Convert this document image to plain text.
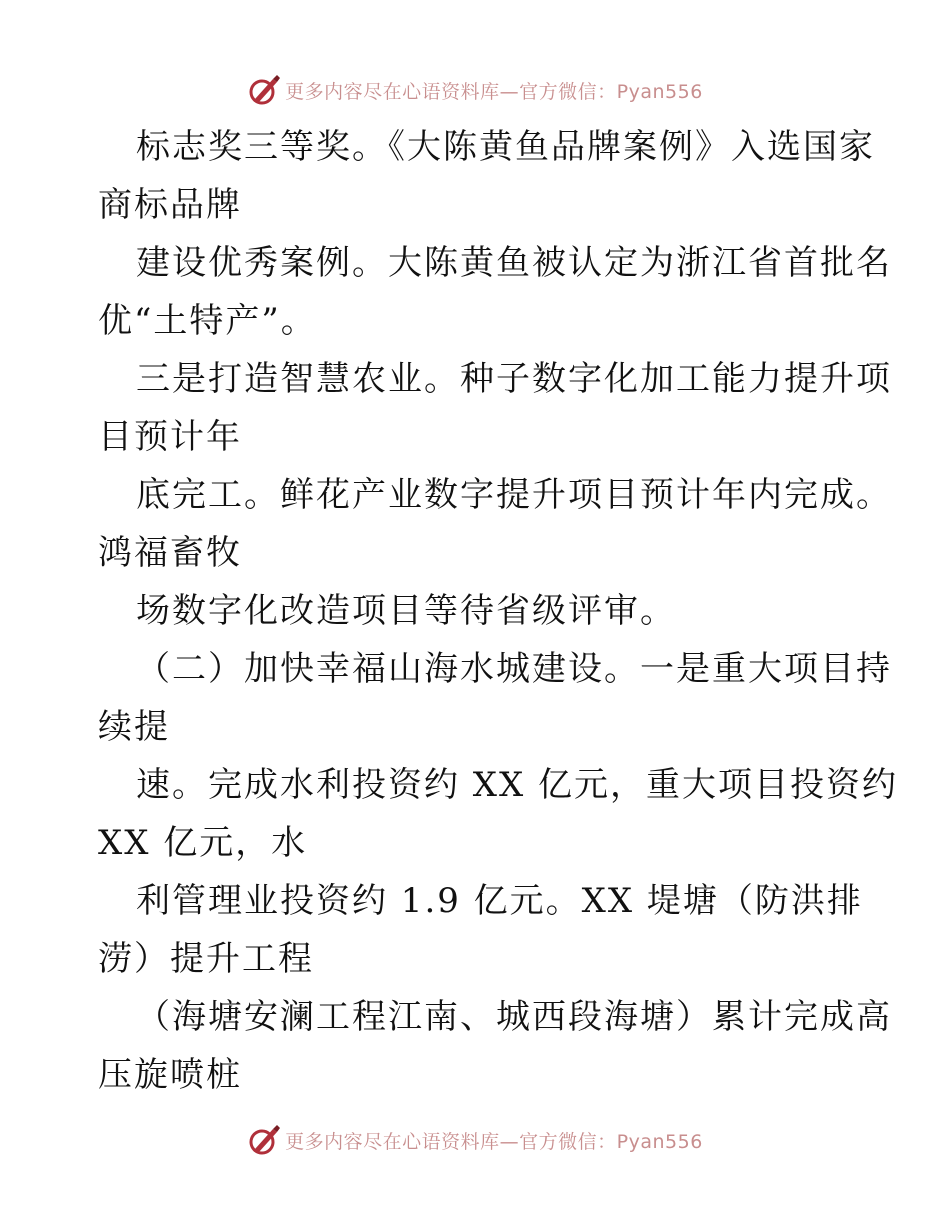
更多内容尽在心语资料库—官方微信：Pyan556

标志奖三等奖。《大陈黄鱼品牌案例》入选国家

商标品牌

建设优秀案例。大陈黄鱼被认定为浙江省首批名

优“土特产”。

三是打造智慧农业。种子数字化加工能力提升项

目预计年

底完工。鲜花产业数字提升项目预计年内完成。

鸿福畜牧

场数字化改造项目等待省级评审。

（二）加快幸福山海水城建设。一是重大项目持

续提

速。完成水利投资约 XX 亿元，重大项目投资约

XX 亿元，水

利管理业投资约 1.9 亿元。XX 堤塘（防洪排

涝）提升工程

（海塘安澜工程江南、城西段海塘）累计完成高

压旋喷桩

更多内容尽在心语资料库—官方微信：Pyan556
